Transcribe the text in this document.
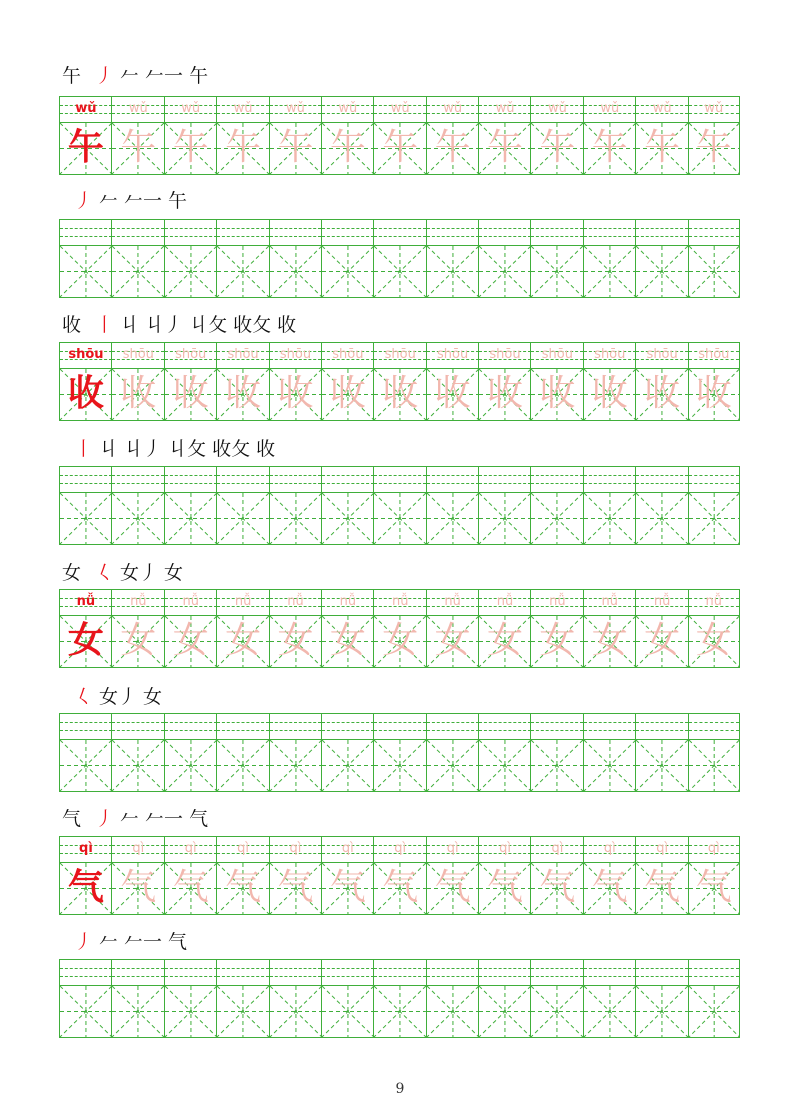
午 丿 𠂉 𠂉一 午
wǔ
午
wǔ
午
wǔ
午
wǔ
午
wǔ
午
wǔ
午
wǔ
午
wǔ
午
wǔ
午
wǔ
午
wǔ
午
wǔ
午
wǔ
午
丿 𠂉 𠂉一 午
收 丨 丩 丩丿 丩攵 收攵 收
shōu
收
shōu
收
shōu
收
shōu
收
shōu
收
shōu
收
shōu
收
shōu
收
shōu
收
shōu
收
shōu
收
shōu
收
shōu
收
丨 丩 丩丿 丩攵 收攵 收
女 𡿨 女丿 女
nǚ
女
nǚ
女
nǚ
女
nǚ
女
nǚ
女
nǚ
女
nǚ
女
nǚ
女
nǚ
女
nǚ
女
nǚ
女
nǚ
女
nǚ
女
𡿨 女丿 女
气 丿 𠂉 𠂉一 气
qì
气
qì
气
qì
气
qì
气
qì
气
qì
气
qì
气
qì
气
qì
气
qì
气
qì
气
qì
气
qì
气
丿 𠂉 𠂉一 气
9
